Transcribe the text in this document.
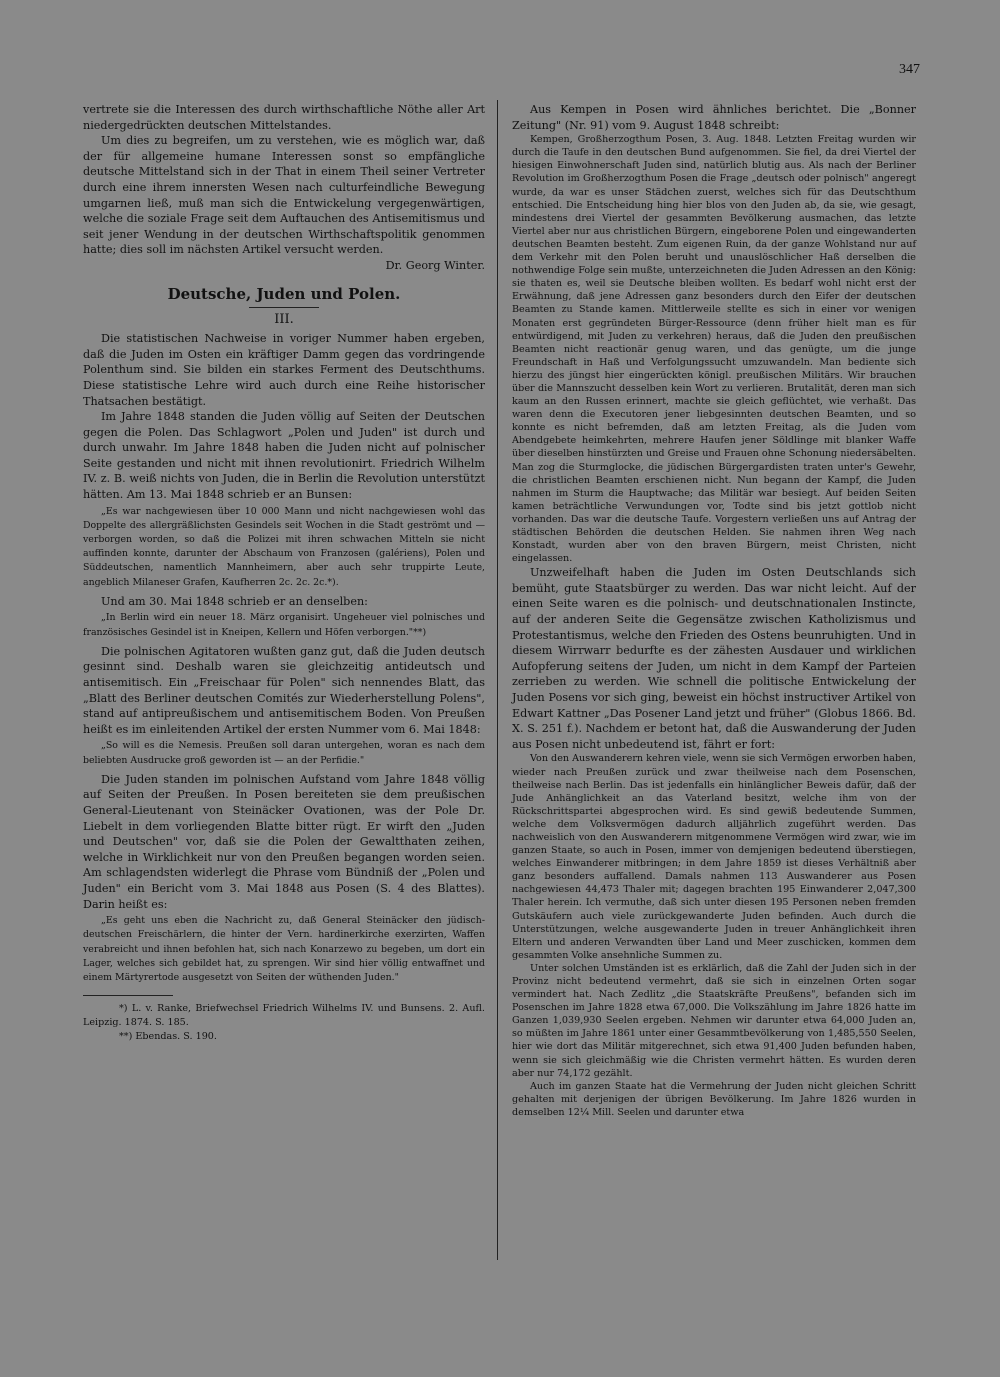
347

vertrete sie die Interessen des durch wirthschaftliche Nöthe aller Art niedergedrückten deutschen Mittelstandes.

Um dies zu begreifen, um zu verstehen, wie es möglich war, daß der für allgemeine humane Interessen sonst so empfängliche deutsche Mittelstand sich in der That in einem Theil seiner Vertreter durch eine ihrem innersten Wesen nach culturfeindliche Bewegung umgarnen ließ, muß man sich die Entwickelung vergegenwärtigen, welche die soziale Frage seit dem Auftauchen des Antisemitismus und seit jener Wendung in der deutschen Wirthschaftspolitik genommen hatte; dies soll im nächsten Artikel versucht werden.

Dr. Georg Winter.
Deutsche, Juden und Polen.
III.

Die statistischen Nachweise in voriger Nummer haben ergeben, daß die Juden im Osten ein kräftiger Damm gegen das vordringende Polenthum sind. Sie bilden ein starkes Ferment des Deutschthums. Diese statistische Lehre wird auch durch eine Reihe historischer Thatsachen bestätigt.

Im Jahre 1848 standen die Juden völlig auf Seiten der Deutschen gegen die Polen. Das Schlagwort „Polen und Juden" ist durch und durch unwahr. Im Jahre 1848 haben die Juden nicht auf polnischer Seite gestanden und nicht mit ihnen revolutionirt. Friedrich Wilhelm IV. z. B. weiß nichts von Juden, die in Berlin die Revolution unterstützt hätten. Am 13. Mai 1848 schrieb er an Bunsen:

„Es war nachgewiesen über 10 000 Mann und nicht nachgewiesen wohl das Doppelte des allergräßlichsten Gesindels seit Wochen in die Stadt geströmt und — verborgen worden, so daß die Polizei mit ihren schwachen Mitteln sie nicht auffinden konnte, darunter der Abschaum von Franzosen (galériens), Polen und Süddeutschen, namentlich Mannheimern, aber auch sehr truppirte Leute, angeblich Milaneser Grafen, Kaufherren 2c. 2c. 2c.*).

Und am 30. Mai 1848 schrieb er an denselben:

„In Berlin wird ein neuer 18. März organisirt. Ungeheuer viel polnisches und französisches Gesindel ist in Kneipen, Kellern und Höfen verborgen."**)

Die polnischen Agitatoren wußten ganz gut, daß die Juden deutsch gesinnt sind. Deshalb waren sie gleichzeitig antideutsch und antisemitisch. Ein „Freischaar für Polen" sich nennendes Blatt, das „Blatt des Berliner deutschen Comités zur Wiederherstellung Polens", stand auf antipreußischem und antisemitischem Boden. Von Preußen heißt es im einleitenden Artikel der ersten Nummer vom 6. Mai 1848:

„So will es die Nemesis. Preußen soll daran untergehen, woran es nach dem beliebten Ausdrucke groß geworden ist — an der Perfidie."

Die Juden standen im polnischen Aufstand vom Jahre 1848 völlig auf Seiten der Preußen. In Posen bereiteten sie dem preußischen General-Lieutenant von Steinäcker Ovationen, was der Pole Dr. Liebelt in dem vorliegenden Blatte bitter rügt. Er wirft den „Juden und Deutschen" vor, daß sie die Polen der Gewaltthaten zeihen, welche in Wirklichkeit nur von den Preußen begangen worden seien. Am schlagendsten widerlegt die Phrase vom Bündniß der „Polen und Juden" ein Bericht vom 3. Mai 1848 aus Posen (S. 4 des Blattes). Darin heißt es:

„Es geht uns eben die Nachricht zu, daß General Steinäcker den jüdisch-deutschen Freischärlern, die hinter der Vern. hardinerkirche exerzirten, Waffen verabreicht und ihnen befohlen hat, sich nach Konarzewo zu begeben, um dort ein Lager, welches sich gebildet hat, zu sprengen. Wir sind hier völlig entwaffnet und einem Märtyrertode ausgesetzt von Seiten der wüthenden Juden."

*) L. v. Ranke, Briefwechsel Friedrich Wilhelms IV. und Bunsens. 2. Aufl. Leipzig. 1874. S. 185.

**) Ebendas. S. 190.

Aus Kempen in Posen wird ähnliches berichtet. Die „Bonner Zeitung" (Nr. 91) vom 9. August 1848 schreibt:

Kempen, Großherzogthum Posen, 3. Aug. 1848. Letzten Freitag wurden wir durch die Taufe in den deutschen Bund aufgenommen. Sie fiel, da drei Viertel der hiesigen Einwohnerschaft Juden sind, natürlich blutig aus. Als nach der Berliner Revolution im Großherzogthum Posen die Frage „deutsch oder polnisch" angeregt wurde, da war es unser Städchen zuerst, welches sich für das Deutschthum entschied. Die Entscheidung hing hier blos von den Juden ab, da sie, wie gesagt, mindestens drei Viertel der gesammten Bevölkerung ausmachen, das letzte Viertel aber nur aus christlichen Bürgern, eingeborene Polen und eingewanderten deutschen Beamten besteht. Zum eigenen Ruin, da der ganze Wohlstand nur auf dem Verkehr mit den Polen beruht und unauslöschlicher Haß derselben die nothwendige Folge sein mußte, unterzeichneten die Juden Adressen an den König: sie thaten es, weil sie Deutsche bleiben wollten. Es bedarf wohl nicht erst der Erwähnung, daß jene Adressen ganz besonders durch den Eifer der deutschen Beamten zu Stande kamen. Mittlerweile stellte es sich in einer vor wenigen Monaten erst gegründeten Bürger-Ressource (denn früher hielt man es für entwürdigend, mit Juden zu verkehren) heraus, daß die Juden den preußischen Beamten nicht reactionär genug waren, und das genügte, um die junge Freundschaft in Haß und Verfolgungssucht umzuwandeln. Man bediente sich hierzu des jüngst hier eingerückten königl. preußischen Militärs. Wir brauchen über die Mannszucht desselben kein Wort zu verlieren. Brutalität, deren man sich kaum an den Russen erinnert, machte sie gleich geflüchtet, wie verhaßt. Das waren denn die Executoren jener liebgesinnten deutschen Beamten, und so konnte es nicht befremden, daß am letzten Freitag, als die Juden vom Abendgebete heimkehrten, mehrere Haufen jener Söldlinge mit blanker Waffe über dieselben hinstürzten und Greise und Frauen ohne Schonung niedersäbelten. Man zog die Sturmglocke, die jüdischen Bürgergardisten traten unter's Gewehr, die christlichen Beamten erschienen nicht. Nun begann der Kampf, die Juden nahmen im Sturm die Hauptwache; das Militär war besiegt. Auf beiden Seiten kamen beträchtliche Verwundungen vor, Todte sind bis jetzt gottlob nicht vorhanden. Das war die deutsche Taufe. Vorgestern verließen uns auf Antrag der städtischen Behörden die deutschen Helden. Sie nahmen ihren Weg nach Konstadt, wurden aber von den braven Bürgern, meist Christen, nicht eingelassen.

Unzweifelhaft haben die Juden im Osten Deutschlands sich bemüht, gute Staatsbürger zu werden. Das war nicht leicht. Auf der einen Seite waren es die polnisch- und deutschnationalen Instincte, auf der anderen Seite die Gegensätze zwischen Katholizismus und Protestantismus, welche den Frieden des Ostens beunruhigten. Und in diesem Wirrwarr bedurfte es der zähesten Ausdauer und wirklichen Aufopferung seitens der Juden, um nicht in dem Kampf der Parteien zerrieben zu werden. Wie schnell die politische Entwickelung der Juden Posens vor sich ging, beweist ein höchst instructiver Artikel von Edwart Kattner „Das Posener Land jetzt und früher" (Globus 1866. Bd. X. S. 251 f.). Nachdem er betont hat, daß die Auswanderung der Juden aus Posen nicht unbedeutend ist, fährt er fort:

Von den Auswanderern kehren viele, wenn sie sich Vermögen erworben haben, wieder nach Preußen zurück und zwar theilweise nach dem Posenschen, theilweise nach Berlin. Das ist jedenfalls ein hinlänglicher Beweis dafür, daß der Jude Anhänglichkeit an das Vaterland besitzt, welche ihm von der Rückschrittspartei abgesprochen wird. Es sind gewiß bedeutende Summen, welche dem Volksvermögen dadurch alljährlich zugeführt werden. Das nachweislich von den Auswanderern mitgenommene Vermögen wird zwar, wie im ganzen Staate, so auch in Posen, immer von demjenigen bedeutend überstiegen, welches Einwanderer mitbringen; in dem Jahre 1859 ist dieses Verhältniß aber ganz besonders auffallend. Damals nahmen 113 Auswanderer aus Posen nachgewiesen 44,473 Thaler mit; dagegen brachten 195 Einwanderer 2,047,300 Thaler herein. Ich vermuthe, daß sich unter diesen 195 Personen neben fremden Gutskäufern auch viele zurückgewanderte Juden befinden. Auch durch die Unterstützungen, welche ausgewanderte Juden in treuer Anhänglichkeit ihren Eltern und anderen Verwandten über Land und Meer zuschicken, kommen dem gesammten Volke ansehnliche Summen zu.

Unter solchen Umständen ist es erklärlich, daß die Zahl der Juden sich in der Provinz nicht bedeutend vermehrt, daß sie sich in einzelnen Orten sogar vermindert hat. Nach Zedlitz „die Staatskräfte Preußens", befanden sich im Posenschen im Jahre 1828 etwa 67,000. Die Volkszählung im Jahre 1826 hatte im Ganzen 1,039,930 Seelen ergeben. Nehmen wir darunter etwa 64,000 Juden an, so müßten im Jahre 1861 unter einer Gesammtbevölkerung von 1,485,550 Seelen, hier wie dort das Militär mitgerechnet, sich etwa 91,400 Juden befunden haben, wenn sie sich gleichmäßig wie die Christen vermehrt hätten. Es wurden deren aber nur 74,172 gezählt.

Auch im ganzen Staate hat die Vermehrung der Juden nicht gleichen Schritt gehalten mit derjenigen der übrigen Bevölkerung. Im Jahre 1826 wurden in demselben 12¼ Mill. Seelen und darunter etwa
